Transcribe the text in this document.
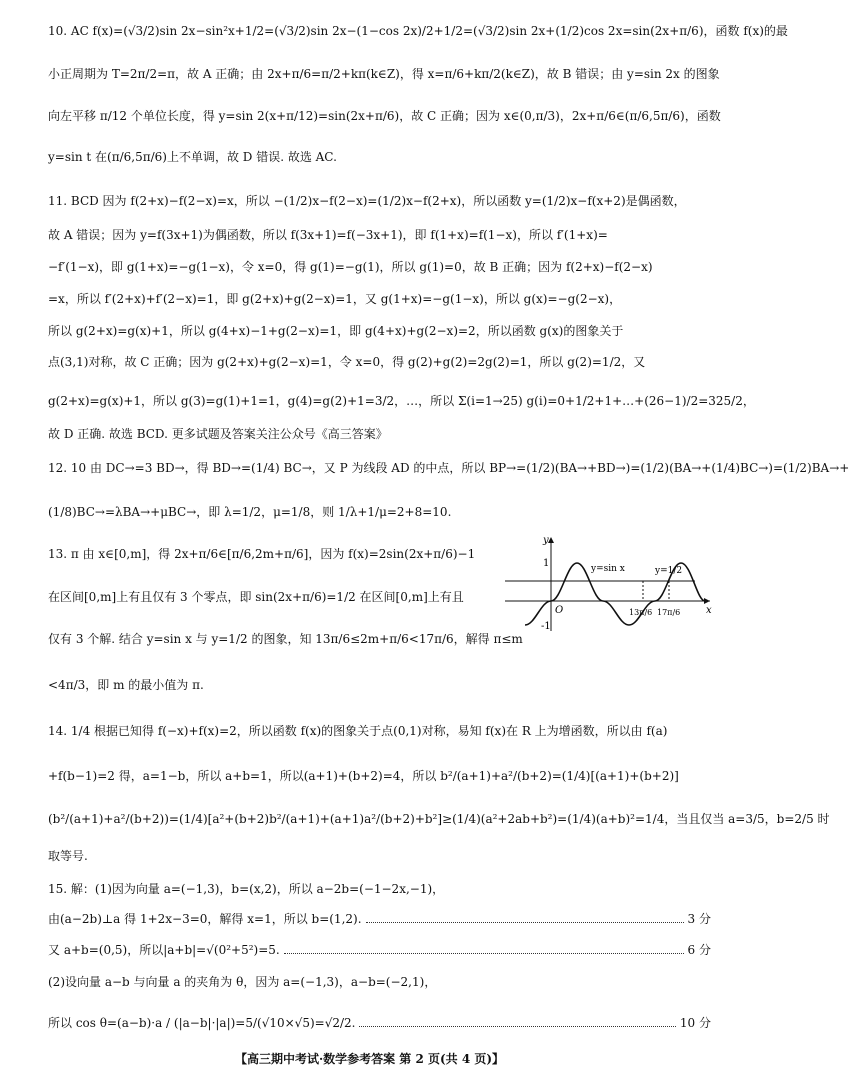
10. AC f(x)=(√3/2)sin 2x−sin²x+1/2=(√3/2)sin 2x−(1−cos 2x)/2+1/2=(√3/2)sin 2x+(1/2)cos 2x=sin(2x+π/6)，函数 f(x)的最
小正周期为 T=2π/2=π，故 A 正确；由 2x+π/6=π/2+kπ(k∈Z)，得 x=π/6+kπ/2(k∈Z)，故 B 错误；由 y=sin 2x 的图象
向左平移 π/12 个单位长度，得 y=sin 2(x+π/12)=sin(2x+π/6)，故 C 正确；因为 x∈(0,π/3)，2x+π/6∈(π/6,5π/6)，函数
y=sin t 在(π/6,5π/6)上不单调，故 D 错误. 故选 AC.
11. BCD 因为 f(2+x)−f(2−x)=x，所以 −(1/2)x−f(2−x)=(1/2)x−f(2+x)，所以函数 y=(1/2)x−f(x+2)是偶函数，
故 A 错误；因为 y=f(3x+1)为偶函数，所以 f(3x+1)=f(−3x+1)，即 f(1+x)=f(1−x)，所以 f′(1+x)=
−f′(1−x)，即 g(1+x)=−g(1−x)，令 x=0，得 g(1)=−g(1)，所以 g(1)=0，故 B 正确；因为 f(2+x)−f(2−x)
=x，所以 f′(2+x)+f′(2−x)=1，即 g(2+x)+g(2−x)=1，又 g(1+x)=−g(1−x)，所以 g(x)=−g(2−x)，
所以 g(2+x)=g(x)+1，所以 g(4+x)−1+g(2−x)=1，即 g(4+x)+g(2−x)=2，所以函数 g(x)的图象关于
点(3,1)对称，故 C 正确；因为 g(2+x)+g(2−x)=1，令 x=0，得 g(2)+g(2)=2g(2)=1，所以 g(2)=1/2，又
g(2+x)=g(x)+1，所以 g(3)=g(1)+1=1，g(4)=g(2)+1=3/2，…，所以 Σ(i=1→25) g(i)=0+1/2+1+…+(26−1)/2=325/2，
故 D 正确. 故选 BCD. 更多试题及答案关注公众号《高三答案》
12. 10 由 DC→=3 BD→，得 BD→=(1/4) BC→，又 P 为线段 AD 的中点，所以 BP→=(1/2)(BA→+BD→)=(1/2)(BA→+(1/4)BC→)=(1/2)BA→+
(1/8)BC→=λBA→+μBC→，即 λ=1/2，μ=1/8，则 1/λ+1/μ=2+8=10.
13. π 由 x∈[0,m]，得 2x+π/6∈[π/6,2m+π/6]，因为 f(x)=2sin(2x+π/6)−1
在区间[0,m]上有且仅有 3 个零点，即 sin(2x+π/6)=1/2 在区间[0,m]上有且
仅有 3 个解. 结合 y=sin x 与 y=1/2 的图象，知 13π/6≤2m+π/6<17π/6，解得 π≤m
<4π/3，即 m 的最小值为 π.
y
x
O
1
-1
y=sin x	y=1/2
13π/6 17π/6
14. 1/4 根据已知得 f(−x)+f(x)=2，所以函数 f(x)的图象关于点(0,1)对称，易知 f(x)在 R 上为增函数，所以由 f(a)
+f(b−1)=2 得，a=1−b，所以 a+b=1，所以(a+1)+(b+2)=4，所以 b²/(a+1)+a²/(b+2)=(1/4)[(a+1)+(b+2)]
(b²/(a+1)+a²/(b+2))=(1/4)[a²+(b+2)b²/(a+1)+(a+1)a²/(b+2)+b²]≥(1/4)(a²+2ab+b²)=(1/4)(a+b)²=1/4，当且仅当 a=3/5，b=2/5 时
取等号.
15. 解：(1)因为向量 a=(−1,3)，b=(x,2)，所以 a−2b=(−1−2x,−1)，
由(a−2b)⊥a 得 1+2x−3=0，解得 x=1，所以 b=(1,2).	3 分
又 a+b=(0,5)，所以|a+b|=√(0²+5²)=5.	6 分
(2)设向量 a−b 与向量 a 的夹角为 θ，因为 a=(−1,3)，a−b=(−2,1)，
所以 cos θ=(a−b)·a / (|a−b|·|a|)=5/(√10×√5)=√2/2.	10 分
【高三期中考试·数学参考答案 第 2 页(共 4 页)】
